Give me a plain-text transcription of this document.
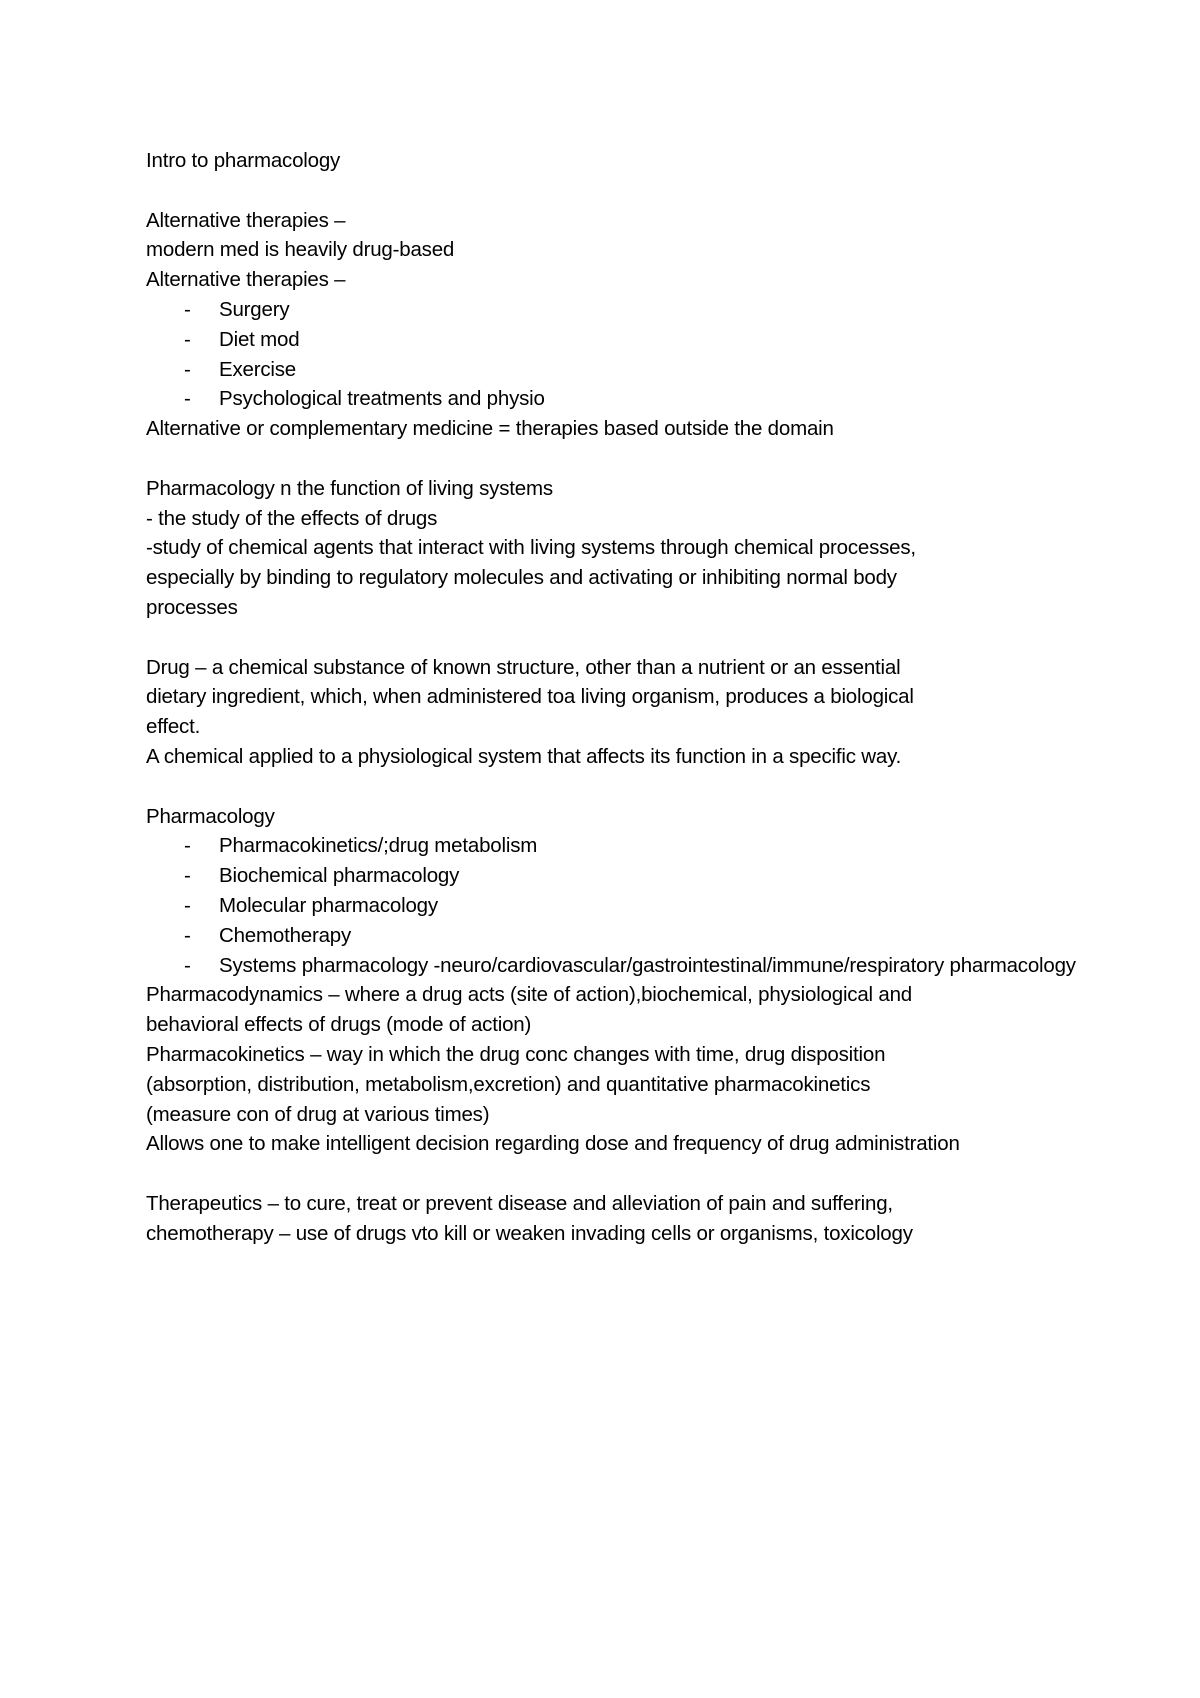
Intro to pharmacology

Alternative therapies –

modern med is heavily drug-based

Alternative therapies –

- Surgery
- Diet mod
- Exercise
- Psychological treatments and physio

Alternative or complementary medicine = therapies based outside the domain

Pharmacology n the function of living systems

- the study of the effects of drugs

-study of chemical agents that interact with living systems through chemical processes,

especially by binding to regulatory molecules and activating or inhibiting normal body

processes

Drug – a chemical substance of known structure, other than a nutrient or an essential

dietary ingredient, which, when administered toa living organism, produces a biological

effect.

A chemical applied to a physiological system that affects its function in a specific way.

Pharmacology

- Pharmacokinetics/;drug metabolism
- Biochemical pharmacology
- Molecular pharmacology
- Chemotherapy
- Systems pharmacology -neuro/cardiovascular/gastrointestinal/immune/respiratory pharmacology

Pharmacodynamics – where a drug acts (site of action),biochemical, physiological and

behavioral effects of drugs (mode of action)

Pharmacokinetics – way in which the drug conc changes with time, drug disposition

(absorption, distribution, metabolism,excretion) and quantitative pharmacokinetics

(measure con of drug at various times)

Allows one to make intelligent decision regarding dose and frequency of drug administration

Therapeutics – to cure, treat or prevent disease and alleviation of pain and suffering,

chemotherapy – use of drugs vto kill or weaken invading cells or organisms, toxicology
